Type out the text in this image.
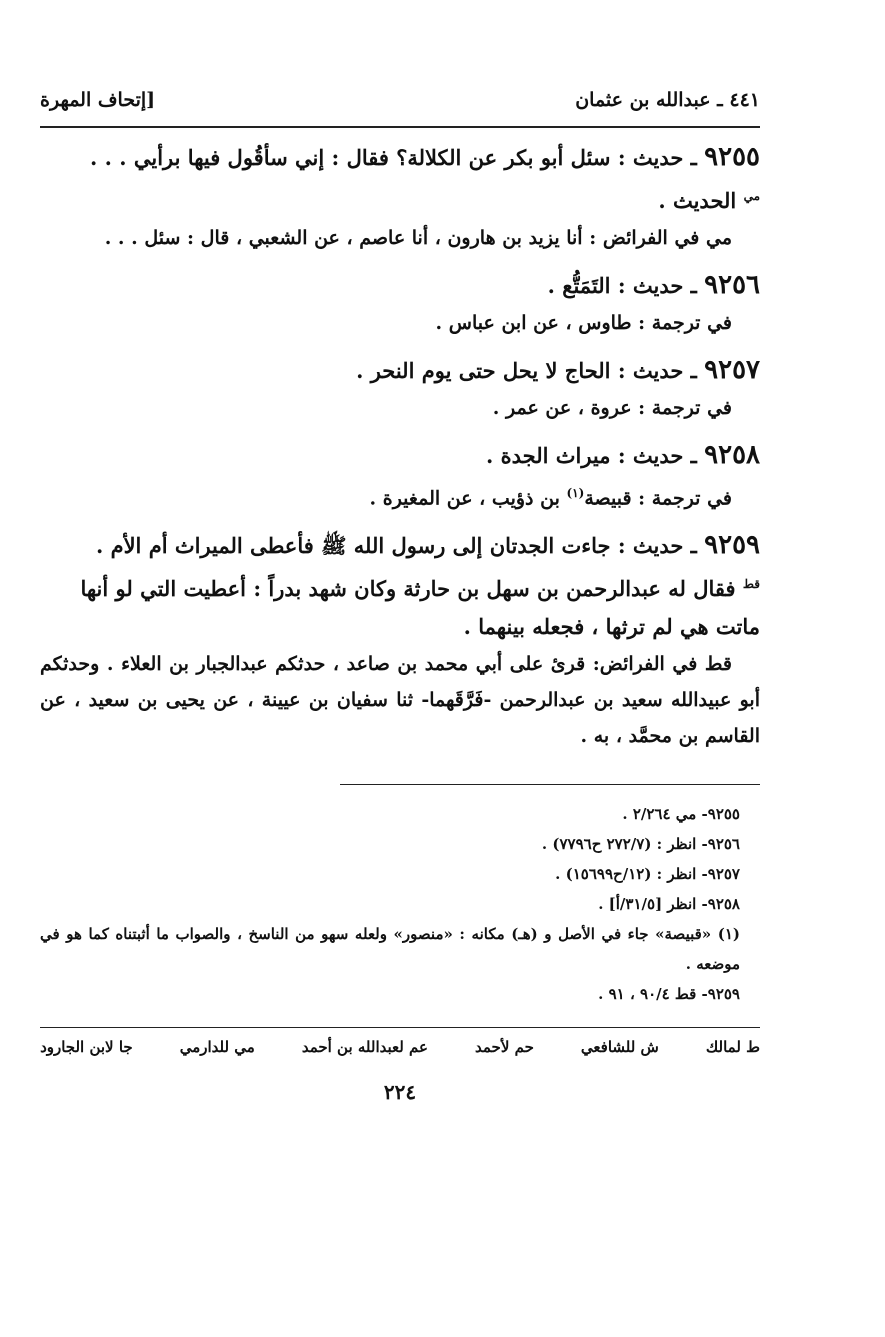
٤٤١ ـ عبدالله بن عثمان
[إتحاف المهرة
٩٢٥٥ ـ حديث : سئل أبو بكر عن الكلالة؟ فقال : إني سأقُول فيها برأيي . . .
$^{مي}$ الحديث .
مي في الفرائض : أنا يزيد بن هارون ، أنا عاصم ، عن الشعبي ، قال : سئل . . .
٩٢٥٦ ـ حديث : التَمَتُّع .
في ترجمة : طاوس ، عن ابن عباس .
٩٢٥٧ ـ حديث : الحاج لا يحل حتى يوم النحر .
في ترجمة : عروة ، عن عمر .
٩٢٥٨ ـ حديث : ميراث الجدة .
في ترجمة : قبيصة$^{(١)}$ بن ذؤيب ، عن المغيرة .
٩٢٥٩ ـ حديث : جاءت الجدتان إلى رسول الله ﷺ فأعطى الميراث أم الأم .
$^{قط}$ فقال له عبدالرحمن بن سهل بن حارثة وكان شهد بدراً : أعطيت التي لو أنها
ماتت هي لم ترثها ، فجعله بينهما .
قط في الفرائض: قرئ على أبي محمد بن صاعد ، حدثكم عبدالجبار بن العلاء . وحدثكم أبو عبيدالله سعيد بن عبدالرحمن -فَرَّقَهما- ثنا سفيان بن عيينة ، عن يحيى بن سعيد ، عن القاسم بن محمَّد ، به .
٩٢٥٥- مي ٢/٢٦٤ .
٩٢٥٦- انظر : (٢٧٢/٧ ح٧٧٩٦) .
٩٢٥٧- انظر : (١٢/ح١٥٦٩٩) .
٩٢٥٨- انظر [٣١/٥/أ] .
(١) «قبيصة» جاء في الأصل و (هـ) مكانه : «منصور» ولعله سهو من الناسخ ، والصواب ما أثبتناه كما هو في موضعه .
٩٢٥٩- قط ٩٠/٤ ، ٩١ .
ط لمالك
ش للشافعي
حم لأحمد
عم لعبدالله بن أحمد
مي للدارمي
جا لابن الجارود
٢٢٤
